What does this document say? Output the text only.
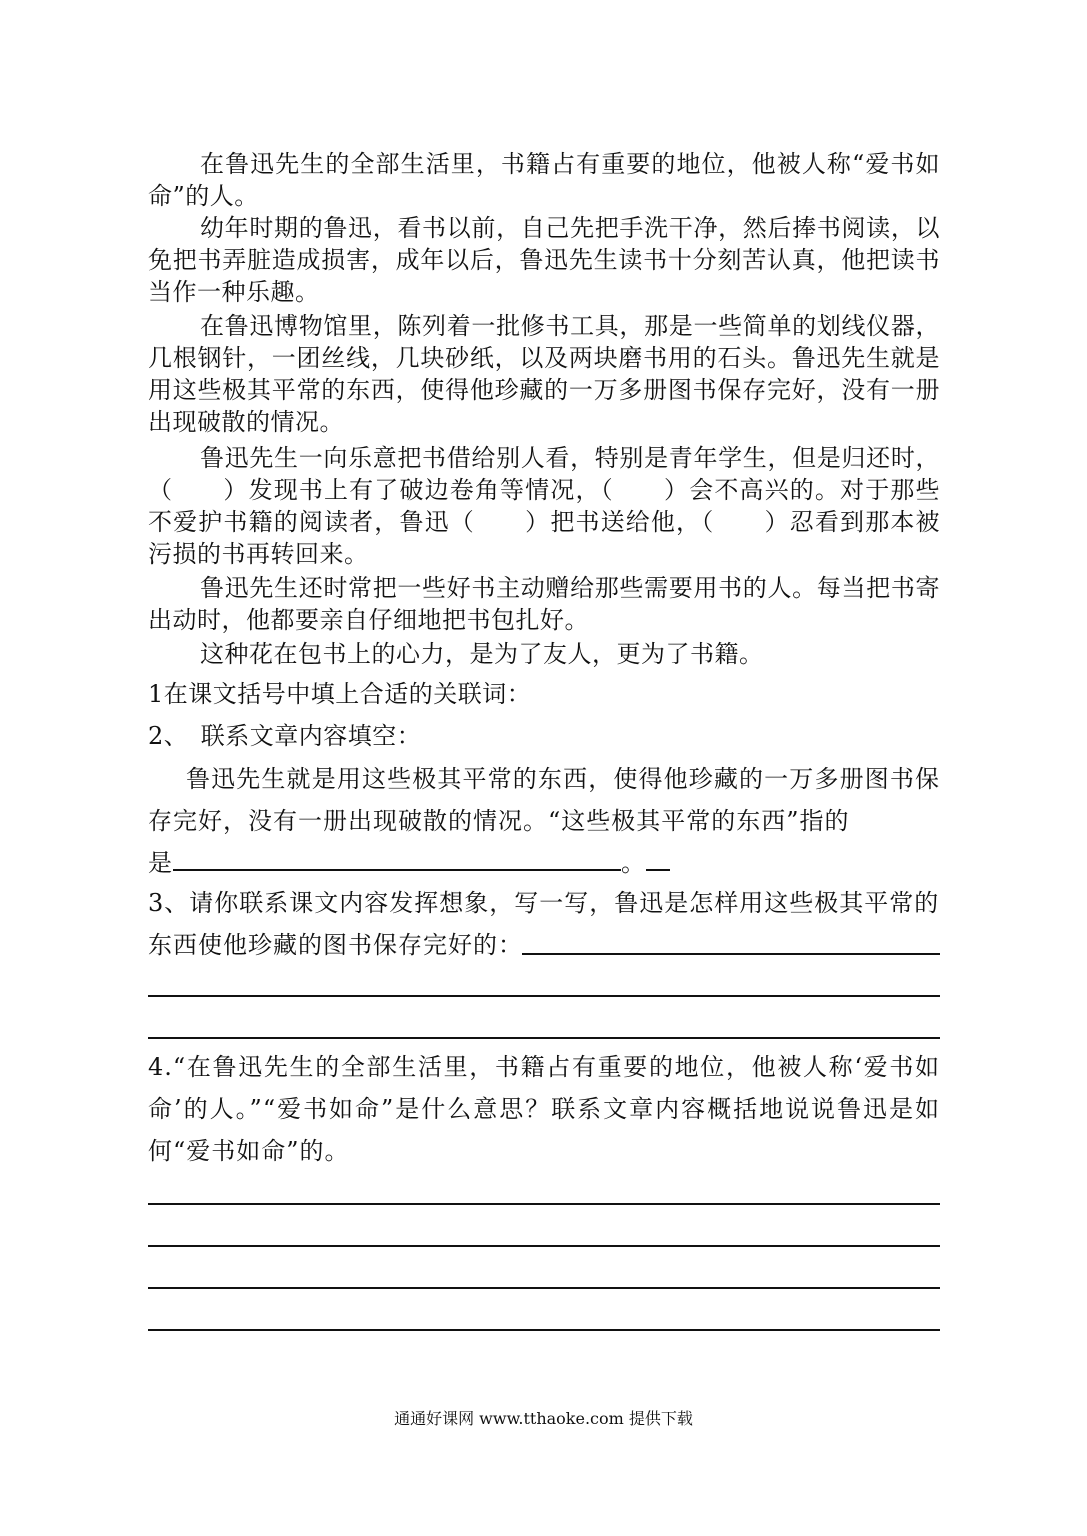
在鲁迅先生的全部生活里，书籍占有重要的地位，他被人称“爱书如命”的人。

幼年时期的鲁迅，看书以前，自己先把手洗干净，然后捧书阅读，以免把书弄脏造成损害，成年以后，鲁迅先生读书十分刻苦认真，他把读书当作一种乐趣。

在鲁迅博物馆里，陈列着一批修书工具，那是一些简单的划线仪器，几根钢针，一团丝线，几块砂纸，以及两块磨书用的石头。鲁迅先生就是用这些极其平常的东西，使得他珍藏的一万多册图书保存完好，没有一册出现破散的情况。

鲁迅先生一向乐意把书借给别人看，特别是青年学生，但是归还时，（　　）发现书上有了破边卷角等情况，（　　）会不高兴的。对于那些不爱护书籍的阅读者，鲁迅（　　）把书送给他，（　　）忍看到那本被污损的书再转回来。

鲁迅先生还时常把一些好书主动赠给那些需要用书的人。每当把书寄出动时，他都要亲自仔细地把书包扎好。

这种花在包书上的心力，是为了友人，更为了书籍。

1在课文括号中填上合适的关联词：

2、　联系文章内容填空：

鲁迅先生就是用这些极其平常的东西，使得他珍藏的一万多册图书保存完好，没有一册出现破散的情况。“这些极其平常的东西”指的

是	。

3、请你联系课文内容发挥想象，写一写，鲁迅是怎样用这些极其平常的

东西使他珍藏的图书保存完好的：

4.“在鲁迅先生的全部生活里，书籍占有重要的地位，他被人称‘爱书如命’的人。”“爱书如命”是什么意思？联系文章内容概括地说说鲁迅是如何“爱书如命”的。

通通好课网 www.tthaoke.com 提供下载
